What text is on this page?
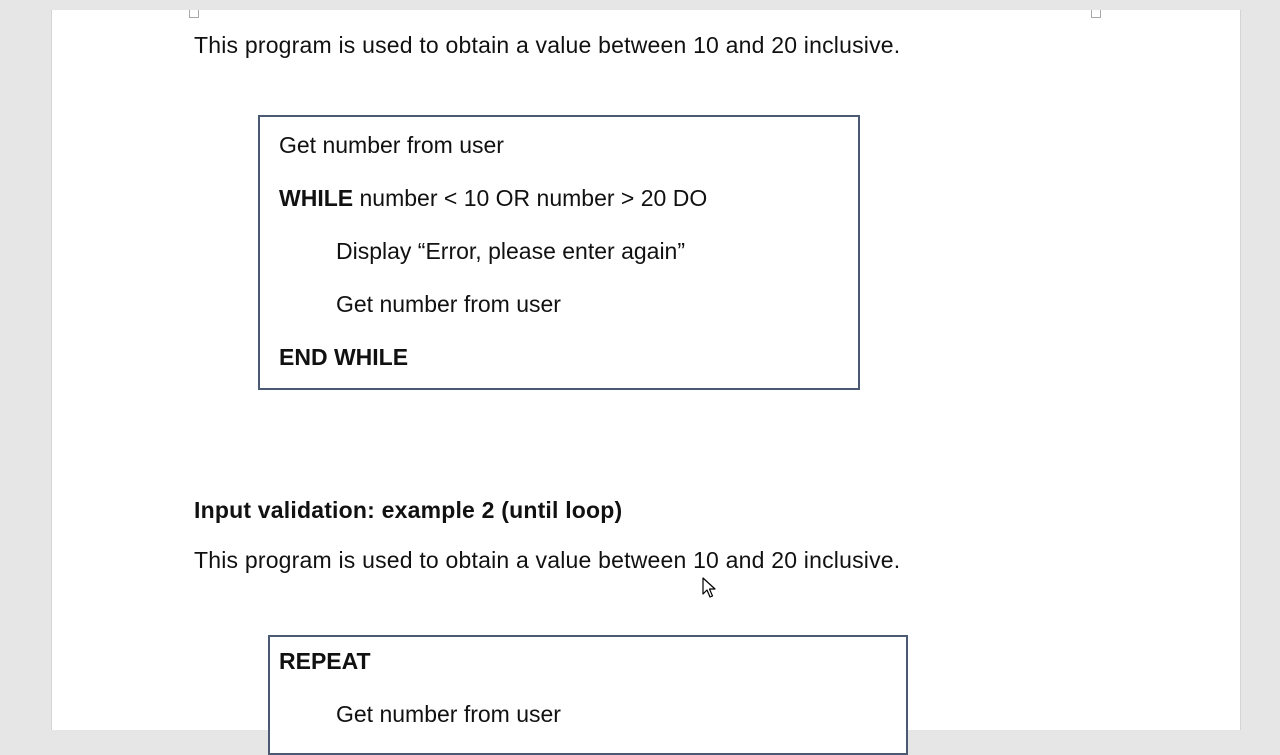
This program is used to obtain a value between 10 and 20 inclusive.
Get number from user
WHILE number < 10 OR number > 20 DO
Display “Error, please enter again”
Get number from user
END WHILE
Input validation: example 2 (until loop)
This program is used to obtain a value between 10 and 20 inclusive.
REPEAT
Get number from user
